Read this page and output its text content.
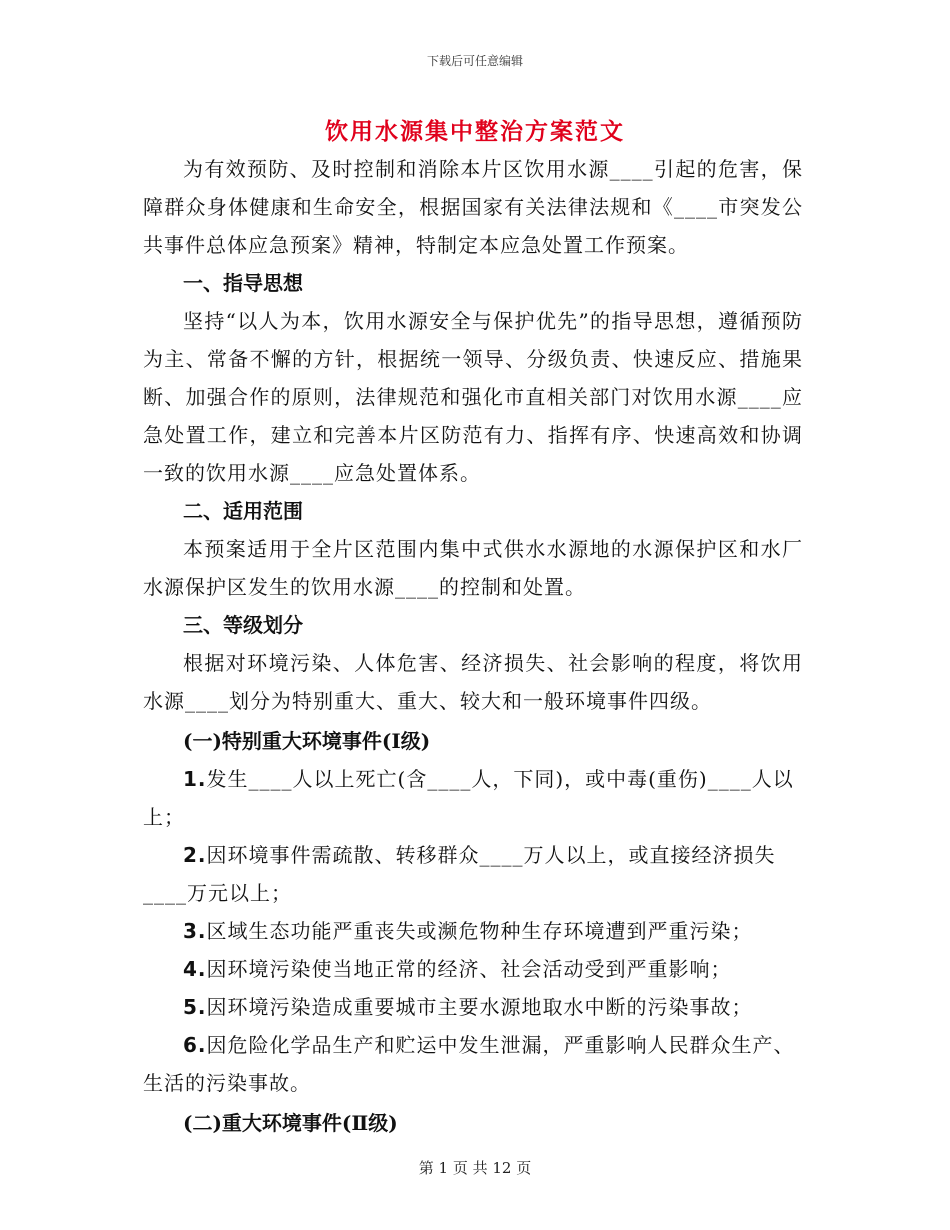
下载后可任意编辑
饮用水源集中整治方案范文

为有效预防、及时控制和消除本片区饮用水源____引起的危害，保障群众身体健康和生命安全，根据国家有关法律法规和《____市突发公共事件总体应急预案》精神，特制定本应急处置工作预案。

一、指导思想

坚持“以人为本，饮用水源安全与保护优先”的指导思想，遵循预防为主、常备不懈的方针，根据统一领导、分级负责、快速反应、措施果断、加强合作的原则，法律规范和强化市直相关部门对饮用水源____应急处置工作，建立和完善本片区防范有力、指挥有序、快速高效和协调一致的饮用水源____应急处置体系。

二、适用范围

本预案适用于全片区范围内集中式供水水源地的水源保护区和水厂水源保护区发生的饮用水源____的控制和处置。

三、等级划分

根据对环境污染、人体危害、经济损失、社会影响的程度，将饮用水源____划分为特别重大、重大、较大和一般环境事件四级。

(一)特别重大环境事件(Ⅰ级)

1.发生____人以上死亡(含____人，下同)，或中毒(重伤)____人以上；

2.因环境事件需疏散、转移群众____万人以上，或直接经济损失____万元以上；

3.区域生态功能严重丧失或濒危物种生存环境遭到严重污染；

4.因环境污染使当地正常的经济、社会活动受到严重影响；

5.因环境污染造成重要城市主要水源地取水中断的污染事故；

6.因危险化学品生产和贮运中发生泄漏，严重影响人民群众生产、生活的污染事故。

(二)重大环境事件(Ⅱ级)

第 1 页 共 12 页
